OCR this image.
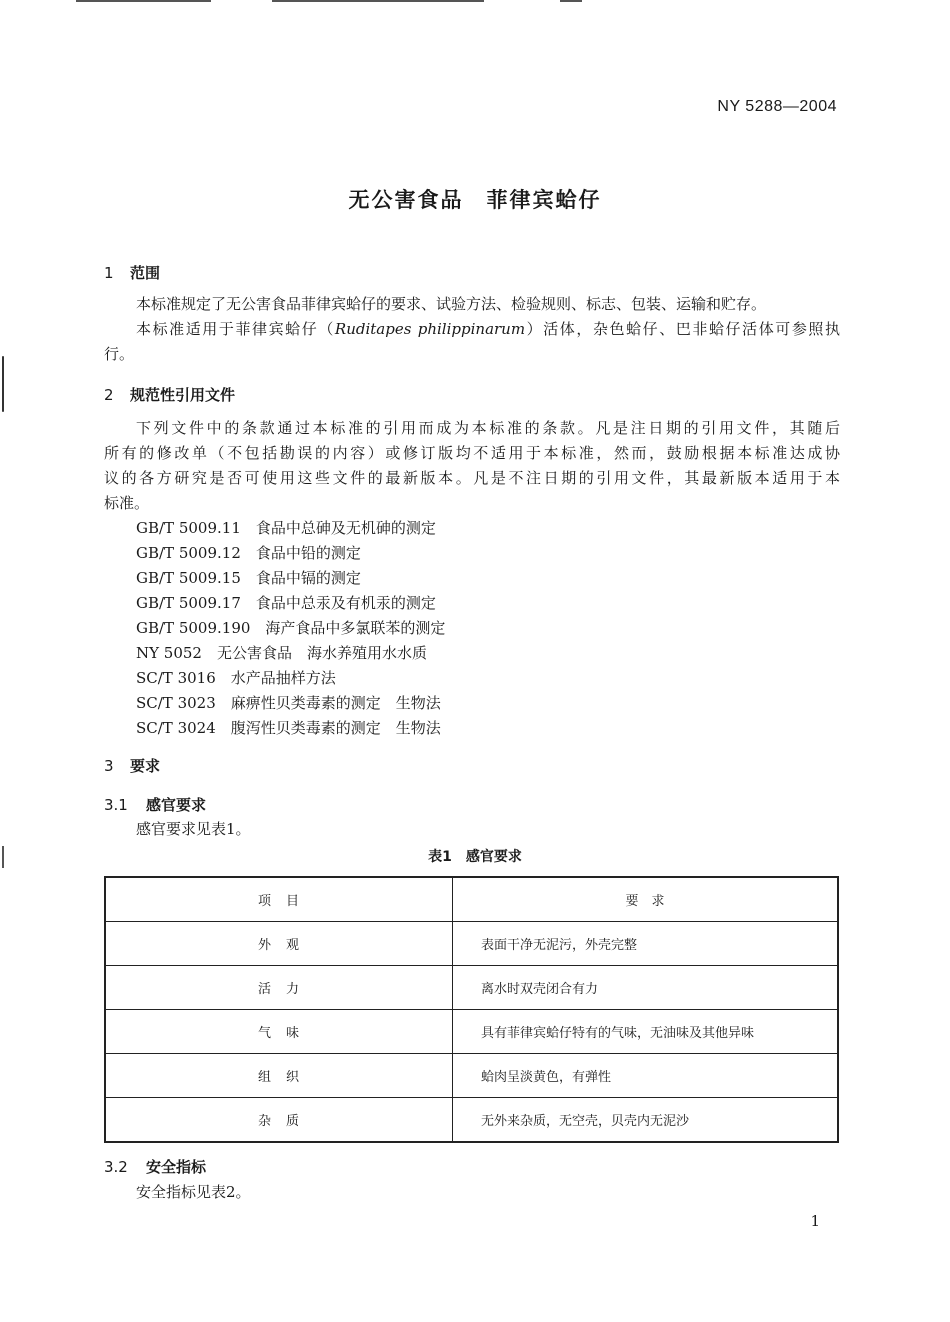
NY 5288—2004
无公害食品　菲律宾蛤仔
1 范围
本标准规定了无公害食品菲律宾蛤仔的要求、试验方法、检验规则、标志、包装、运输和贮存。
本标准适用于菲律宾蛤仔（Ruditapes philippinarum）活体，杂色蛤仔、巴非蛤仔活体可参照执
行。
2 规范性引用文件
下列文件中的条款通过本标准的引用而成为本标准的条款。凡是注日期的引用文件，其随后
所有的修改单（不包括勘误的内容）或修订版均不适用于本标准，然而，鼓励根据本标准达成协
议的各方研究是否可使用这些文件的最新版本。凡是不注日期的引用文件，其最新版本适用于本
标准。
GB/T 5009.11　食品中总砷及无机砷的测定
GB/T 5009.12　食品中铅的测定
GB/T 5009.15　食品中镉的测定
GB/T 5009.17　食品中总汞及有机汞的测定
GB/T 5009.190　海产食品中多氯联苯的测定
NY 5052　无公害食品　海水养殖用水水质
SC/T 3016　水产品抽样方法
SC/T 3023　麻痹性贝类毒素的测定　生物法
SC/T 3024　腹泻性贝类毒素的测定　生物法
3 要求
3.1 感官要求
感官要求见表1。
表1　感官要求
项　目	要　求
外　观	表面干净无泥污，外壳完整
活　力	离水时双壳闭合有力
气　味	具有菲律宾蛤仔特有的气味，无油味及其他异味
组　织	蛤肉呈淡黄色，有弹性
杂　质	无外来杂质，无空壳，贝壳内无泥沙
3.2 安全指标
安全指标见表2。
1
